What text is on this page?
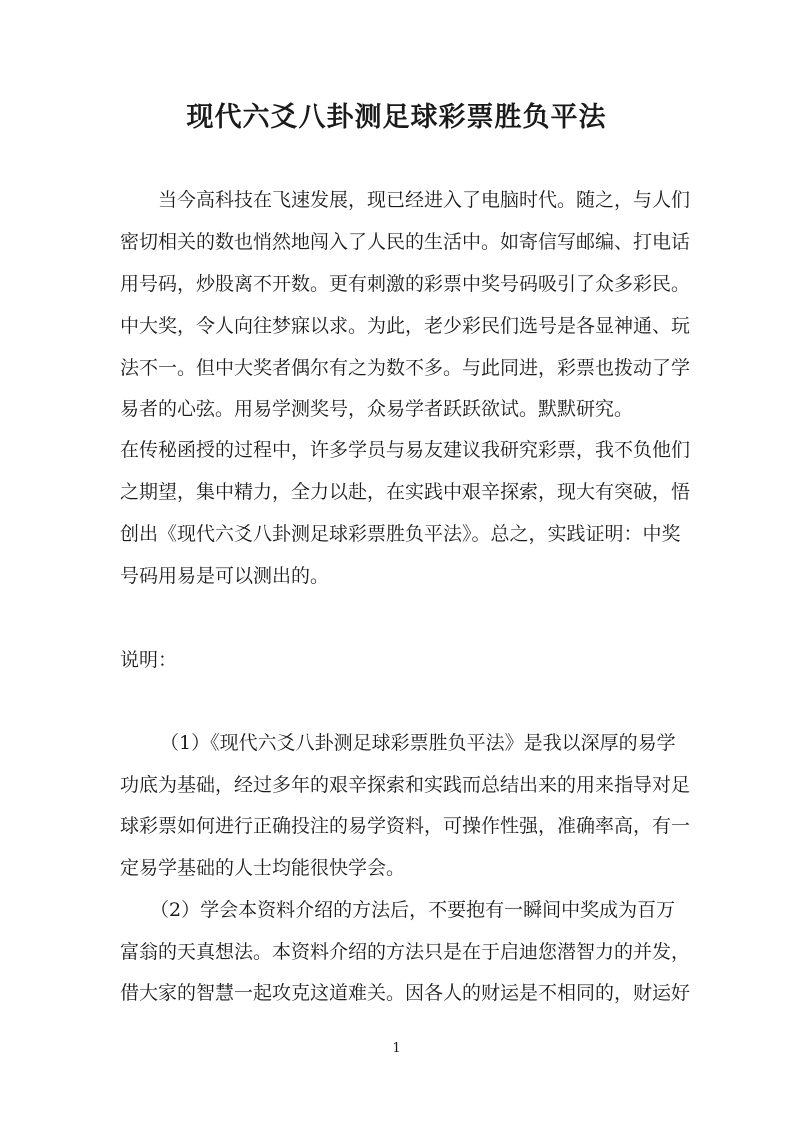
现代六爻八卦测足球彩票胜负平法
当今高科技在飞速发展，现已经进入了电脑时代。随之，与人们
密切相关的数也悄然地闯入了人民的生活中。如寄信写邮编、打电话
用号码，炒股离不开数。更有刺激的彩票中奖号码吸引了众多彩民。
中大奖，令人向往梦寐以求。为此，老少彩民们选号是各显神通、玩
法不一。但中大奖者偶尔有之为数不多。与此同进，彩票也拨动了学
易者的心弦。用易学测奖号，众易学者跃跃欲试。默默研究。
在传秘函授的过程中，许多学员与易友建议我研究彩票，我不负他们
之期望，集中精力，全力以赴，在实践中艰辛探索，现大有突破，悟
创出《现代六爻八卦测足球彩票胜负平法》。总之，实践证明：中奖
号码用易是可以测出的。
说明：
（1）《现代六爻八卦测足球彩票胜负平法》是我以深厚的易学
功底为基础，经过多年的艰辛探索和实践而总结出来的用来指导对足
球彩票如何进行正确投注的易学资料，可操作性强，准确率高，有一
定易学基础的人士均能很快学会。
（2）学会本资料介绍的方法后，不要抱有一瞬间中奖成为百万
富翁的天真想法。本资料介绍的方法只是在于启迪您潜智力的并发，
借大家的智慧一起攻克这道难关。因各人的财运是不相同的，财运好
1
